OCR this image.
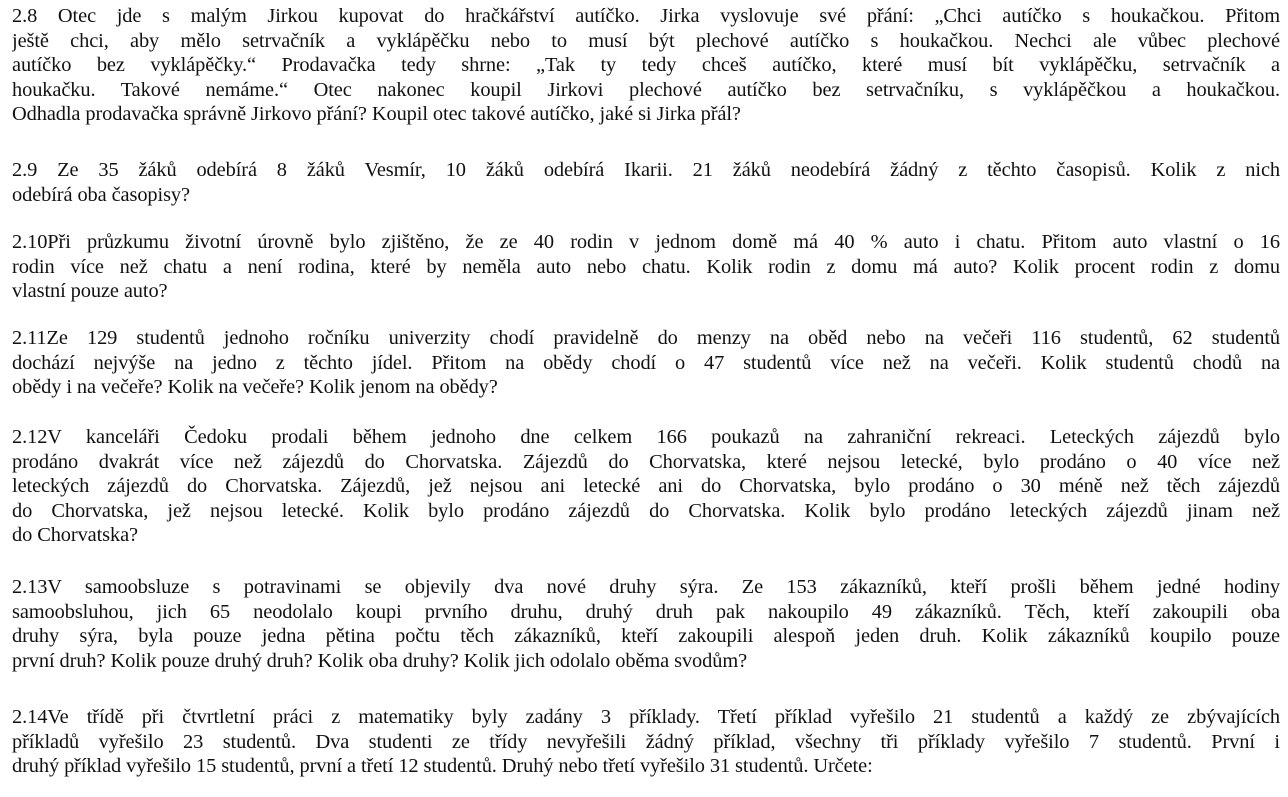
2.8 Otec jde s malým Jirkou kupovat do hračkářství autíčko. Jirka vyslovuje své přání: „Chci autíčko s houkačkou. Přitom
ještě chci, aby mělo setrvačník a vyklápěčku nebo to musí být plechové autíčko s houkačkou. Nechci ale vůbec plechové
autíčko bez vyklápěčky.“ Prodavačka tedy shrne: „Tak ty tedy chceš autíčko, které musí bít vyklápěčku, setrvačník a
houkačku. Takové nemáme.“ Otec nakonec koupil Jirkovi plechové autíčko bez setrvačníku, s vyklápěčkou a houkačkou.
Odhadla prodavačka správně Jirkovo přání? Koupil otec takové autíčko, jaké si Jirka přál?
2.9 Ze 35 žáků odebírá 8 žáků Vesmír, 10 žáků odebírá Ikarii. 21 žáků neodebírá žádný z těchto časopisů. Kolik z nich
odebírá oba časopisy?
2.10Při průzkumu životní úrovně bylo zjištěno, že ze 40 rodin v jednom domě má 40 % auto i chatu. Přitom auto vlastní o 16
rodin více než chatu a není rodina, které by neměla auto nebo chatu. Kolik rodin z domu má auto? Kolik procent rodin z domu
vlastní pouze auto?
2.11Ze 129 studentů jednoho ročníku univerzity chodí pravidelně do menzy na oběd nebo na večeři 116 studentů, 62 studentů
dochází nejvýše na jedno z těchto jídel. Přitom na obědy chodí o 47 studentů více než na večeři. Kolik studentů chodů na
obědy i na večeře? Kolik na večeře? Kolik jenom na obědy?
2.12V kanceláři Čedoku prodali během jednoho dne celkem 166 poukazů na zahraniční rekreaci. Leteckých zájezdů bylo
prodáno dvakrát více než zájezdů do Chorvatska. Zájezdů do Chorvatska, které nejsou letecké, bylo prodáno o 40 více než
leteckých zájezdů do Chorvatska. Zájezdů, jež nejsou ani letecké ani do Chorvatska, bylo prodáno o 30 méně než těch zájezdů
do Chorvatska, jež nejsou letecké. Kolik bylo prodáno zájezdů do Chorvatska. Kolik bylo prodáno leteckých zájezdů jinam než
do Chorvatska?
2.13V samoobsluze s potravinami se objevily dva nové druhy sýra. Ze 153 zákazníků, kteří prošli během jedné hodiny
samoobsluhou, jich 65 neodolalo koupi prvního druhu, druhý druh pak nakoupilo 49 zákazníků. Těch, kteří zakoupili oba
druhy sýra, byla pouze jedna pětina počtu těch zákazníků, kteří zakoupili alespoň jeden druh. Kolik zákazníků koupilo pouze
první druh? Kolik pouze druhý druh? Kolik oba druhy? Kolik jich odolalo oběma svodům?
2.14Ve třídě při čtvrtletní práci z matematiky byly zadány 3 příklady. Třetí příklad vyřešilo 21 studentů a každý ze zbývajících
příkladů vyřešilo 23 studentů. Dva studenti ze třídy nevyřešili žádný příklad, všechny tři příklady vyřešilo 7 studentů. První i
druhý příklad vyřešilo 15 studentů, první a třetí 12 studentů. Druhý nebo třetí vyřešilo 31 studentů. Určete:
